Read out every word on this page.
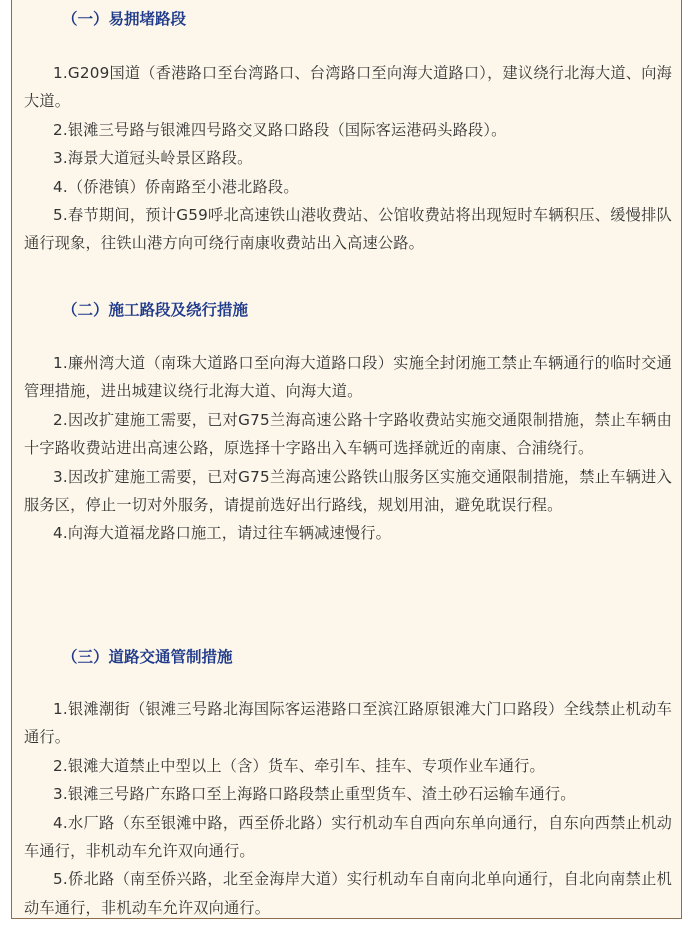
（一）易拥堵路段

1.G209国道（香港路口至台湾路口、台湾路口至向海大道路口），建议绕行北海大道、向海大道。

2.银滩三号路与银滩四号路交叉路口路段（国际客运港码头路段）。

3.海景大道冠头岭景区路段。

4.（侨港镇）侨南路至小港北路段。

5.春节期间，预计G59呼北高速铁山港收费站、公馆收费站将出现短时车辆积压、缓慢排队通行现象，往铁山港方向可绕行南康收费站出入高速公路。

（二）施工路段及绕行措施

1.廉州湾大道（南珠大道路口至向海大道路口段）实施全封闭施工禁止车辆通行的临时交通管理措施，进出城建议绕行北海大道、向海大道。

2.因改扩建施工需要，已对G75兰海高速公路十字路收费站实施交通限制措施，禁止车辆由十字路收费站进出高速公路，原选择十字路出入车辆可选择就近的南康、合浦绕行。

3.因改扩建施工需要，已对G75兰海高速公路铁山服务区实施交通限制措施，禁止车辆进入服务区，停止一切对外服务，请提前选好出行路线，规划用油，避免耽误行程。

4.向海大道福龙路口施工，请过往车辆减速慢行。

（三）道路交通管制措施

1.银滩潮街（银滩三号路北海国际客运港路口至滨江路原银滩大门口路段）全线禁止机动车通行。

2.银滩大道禁止中型以上（含）货车、牵引车、挂车、专项作业车通行。

3.银滩三号路广东路口至上海路口路段禁止重型货车、渣土砂石运输车通行。

4.水厂路（东至银滩中路，西至侨北路）实行机动车自西向东单向通行，自东向西禁止机动车通行，非机动车允许双向通行。

5.侨北路（南至侨兴路，北至金海岸大道）实行机动车自南向北单向通行，自北向南禁止机动车通行，非机动车允许双向通行。
